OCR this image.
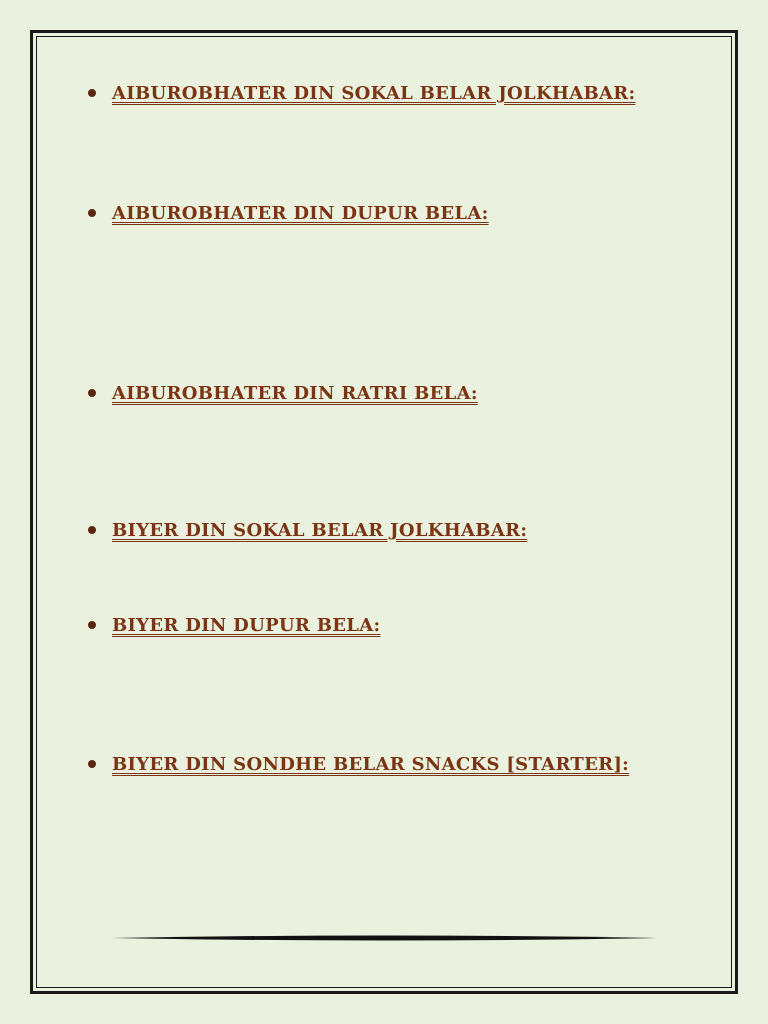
AIBUROBHATER DIN SOKAL BELAR JOLKHABAR:
AIBUROBHATER DIN DUPUR BELA:
AIBUROBHATER DIN RATRI BELA:
BIYER DIN SOKAL BELAR JOLKHABAR:
BIYER DIN DUPUR BELA:
BIYER DIN SONDHE BELAR SNACKS [STARTER]:
